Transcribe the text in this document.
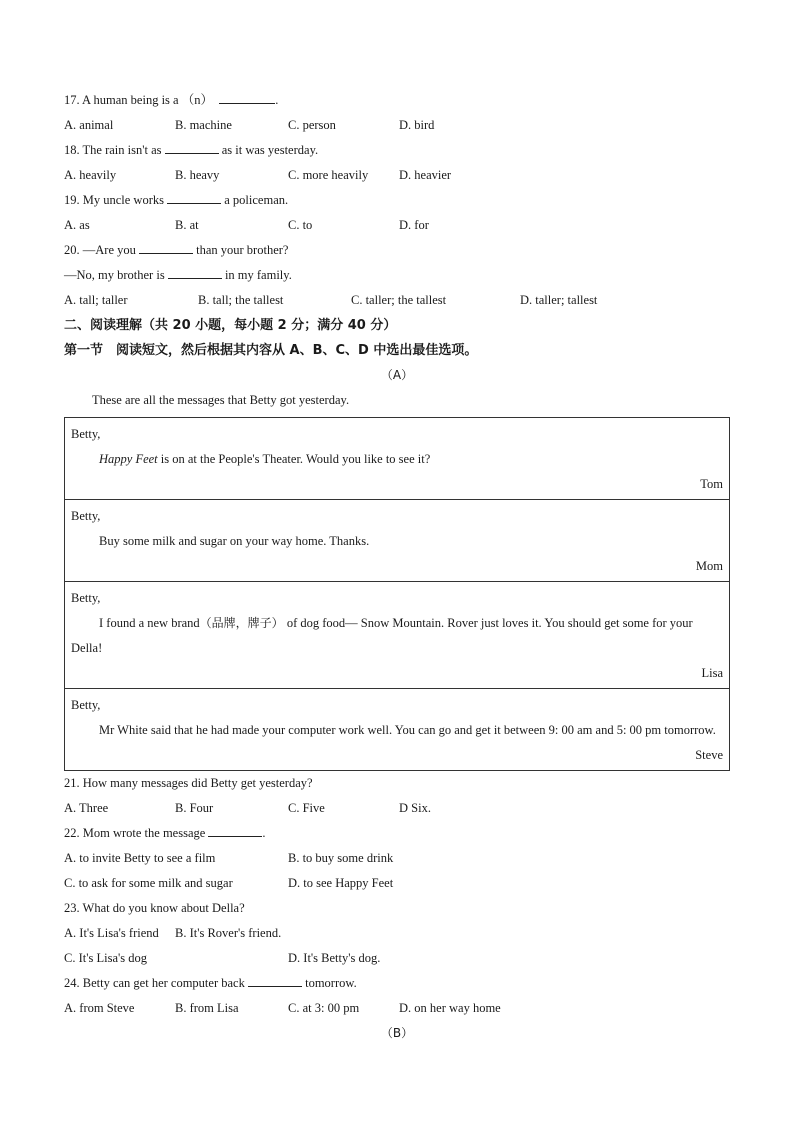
17. A human being is a （n）	.
A. animal	B. machine	C. person	D. bird
18. The rain isn't as	as it was yesterday.
A. heavily	B. heavy	C. more heavily D. heavier
19. My uncle works	a policeman.
A. as	B. at	C. to	D. for
20. —Are you	than your brother?
—No, my brother is	in my family.
A. tall; taller	B. tall; the tallest	C. taller; the tallest	D. taller; tallest
二、阅读理解（共 20 小题，每小题 2 分；满分 40 分）
第一节　阅读短文，然后根据其内容从 A、B、C、D 中选出最佳选项。
（A）
These are all the messages that Betty got yesterday.
Betty,
Happy Feet is on at the People's Theater. Would you like to see it?
Tom
Betty,
Buy some milk and sugar on your way home. Thanks.
Mom
Betty,
I found a new brand（品牌，牌子） of dog food— Snow Mountain. Rover just loves it. You should get some for your Della!
Lisa
Betty,
Mr White said that he had made your computer work well. You can go and get it between 9: 00 am and 5: 00 pm tomorrow.
Steve
21. How many messages did Betty get yesterday?
A. Three	B. Four	C. Five	D Six.
22. Mom wrote the message	.
A. to invite Betty to see a film	B. to buy some drink
C. to ask for some milk and sugar	D. to see Happy Feet
23. What do you know about Della?
A. It's Lisa's friend B. It's Rover's friend.
C. It's Lisa's dog	D. It's Betty's dog.
24. Betty can get her computer back	tomorrow.
A. from Steve	B. from Lisa	C. at 3: 00 pm	D. on her way home
（B）
